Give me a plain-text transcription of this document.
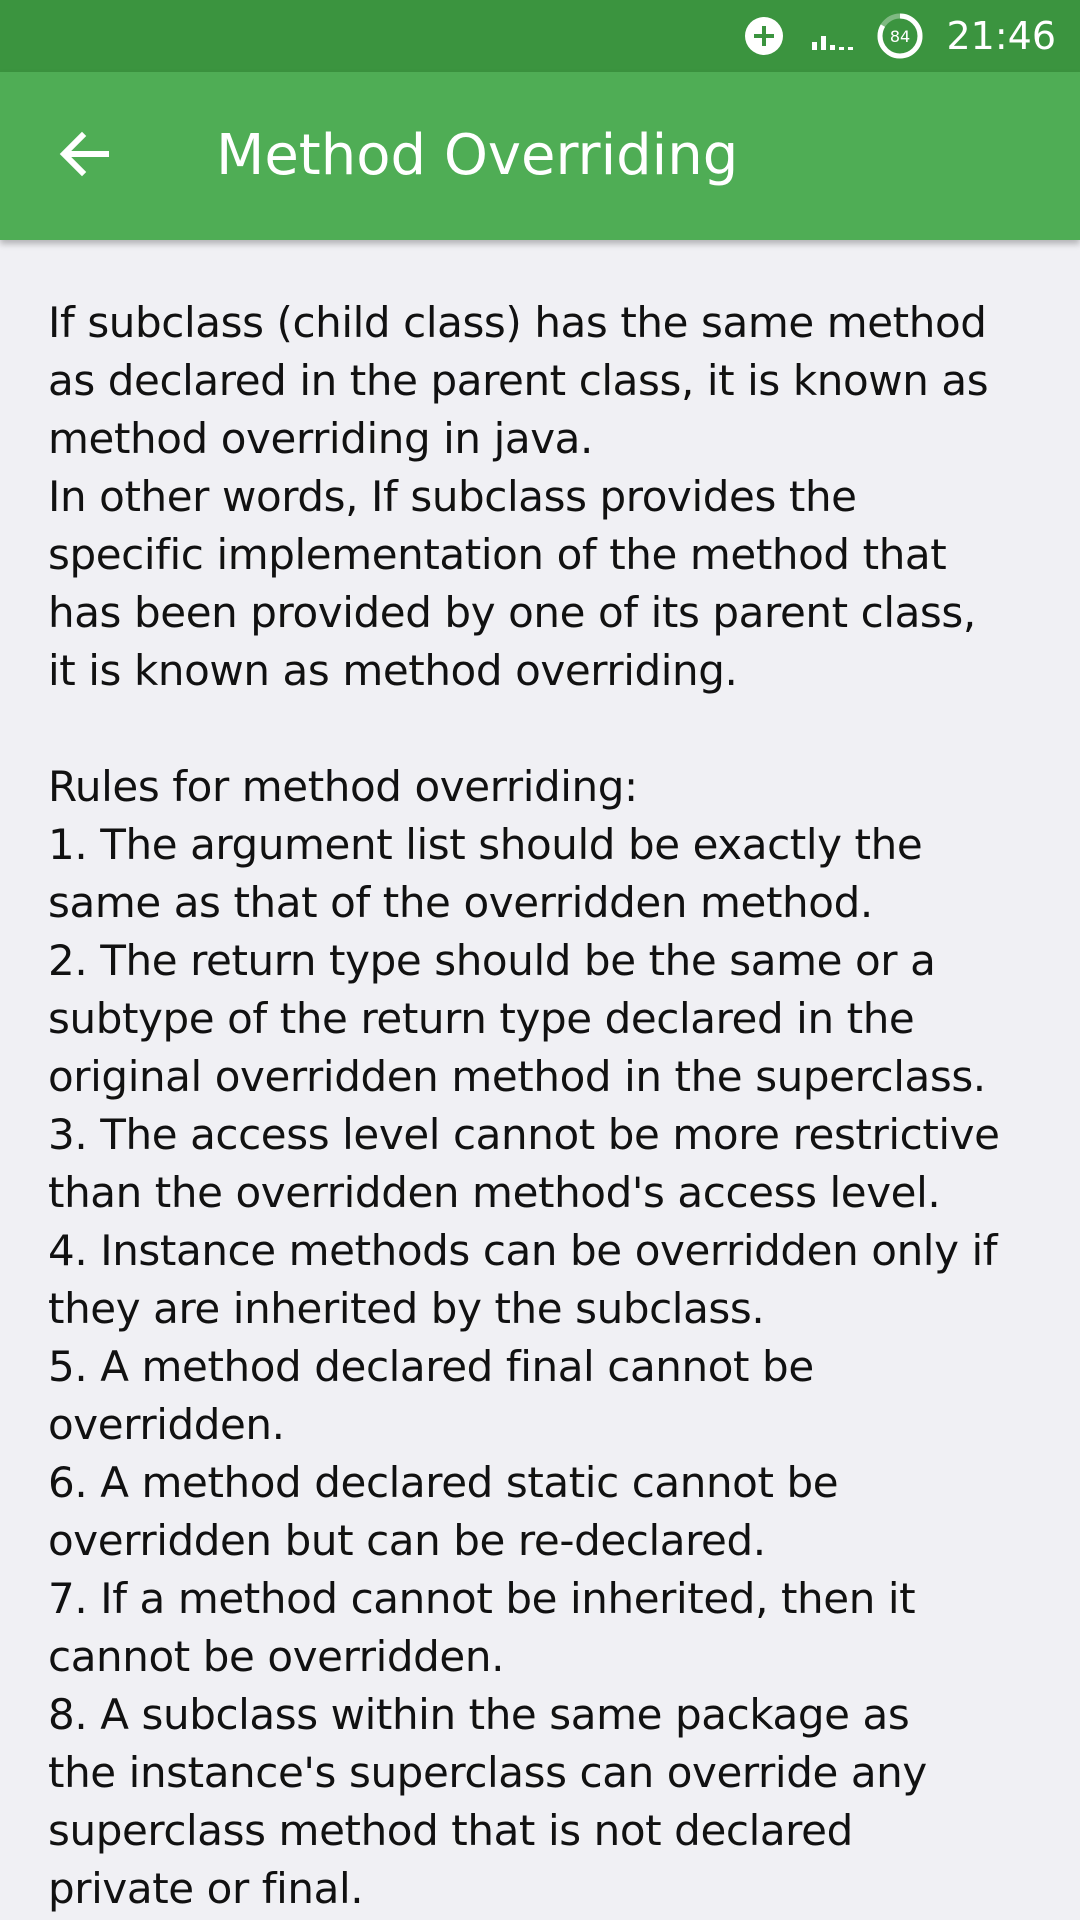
84 21:46
Method Overriding

If subclass (child class) has the same method

as declared in the parent class, it is known as

method overriding in java.

In other words, If subclass provides the

specific implementation of the method that

has been provided by one of its parent class,

it is known as method overriding.

Rules for method overriding:

1. The argument list should be exactly the

same as that of the overridden method.

2. The return type should be the same or a

subtype of the return type declared in the

original overridden method in the superclass.

3. The access level cannot be more restrictive

than the overridden method's access level.

4. Instance methods can be overridden only if

they are inherited by the subclass.

5. A method declared final cannot be

overridden.

6. A method declared static cannot be

overridden but can be re-declared.

7. If a method cannot be inherited, then it

cannot be overridden.

8. A subclass within the same package as

the instance's superclass can override any

superclass method that is not declared

private or final.
